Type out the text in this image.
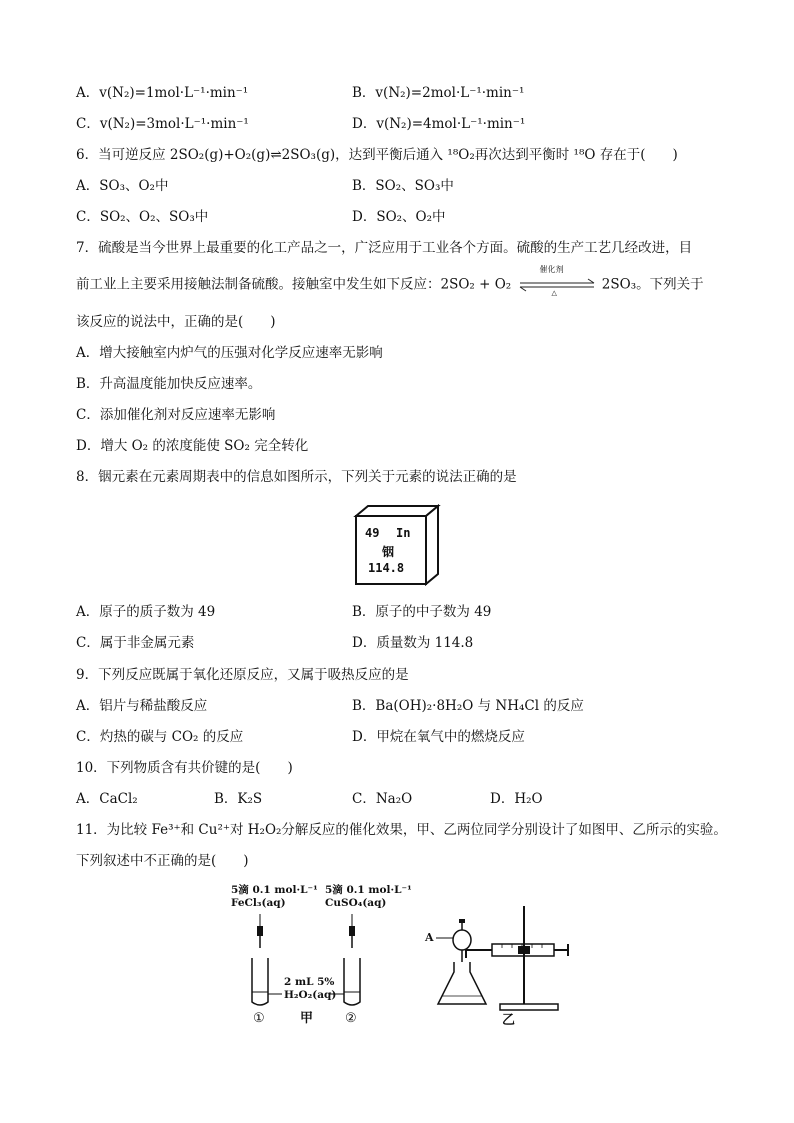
A．v(N₂)=1mol·L⁻¹·min⁻¹	B．v(N₂)=2mol·L⁻¹·min⁻¹
C．v(N₂)=3mol·L⁻¹·min⁻¹	D．v(N₂)=4mol·L⁻¹·min⁻¹
6．当可逆反应 2SO₂(g)+O₂(g)⇌2SO₃(g)，达到平衡后通入 ¹⁸O₂再次达到平衡时 ¹⁸O 存在于(　　)
A．SO₃、O₂中	B．SO₂、SO₃中
C．SO₂、O₂、SO₃中	D．SO₂、O₂中
7．硫酸是当今世界上最重要的化工产品之一，广泛应用于工业各个方面。硫酸的生产工艺几经改进，目
前工业上主要采用接触法制备硫酸。接触室中发生如下反应：2SO₂ + O₂
催化剂
△
2SO₃。下列关于
该反应的说法中，正确的是(　　)
A．增大接触室内炉气的压强对化学反应速率无影响
B．升高温度能加快反应速率。
C．添加催化剂对反应速率无影响
D．增大 O₂ 的浓度能使 SO₂ 完全转化
8．铟元素在元素周期表中的信息如图所示，下列关于元素的说法正确的是
49 In
铟
114.8
A．原子的质子数为 49	B．原子的中子数为 49
C．属于非金属元素	D．质量数为 114.8
9．下列反应既属于氧化还原反应，又属于吸热反应的是
A．铝片与稀盐酸反应	B．Ba(OH)₂·8H₂O 与 NH₄Cl 的反应
C．灼热的碳与 CO₂ 的反应	D．甲烷在氧气中的燃烧反应
10．下列物质含有共价键的是(　　)
A．CaCl₂	B．K₂S	C．Na₂O	D．H₂O
11．为比较 Fe³⁺和 Cu²⁺对 H₂O₂分解反应的催化效果，甲、乙两位同学分别设计了如图甲、乙所示的实验。
下列叙述中不正确的是(　　)
5滴 0.1 mol·L⁻¹
FeCl₃(aq)
5滴 0.1 mol·L⁻¹
CuSO₄(aq)
2 mL 5%
H₂O₂(aq)
①	②
甲
A
乙
